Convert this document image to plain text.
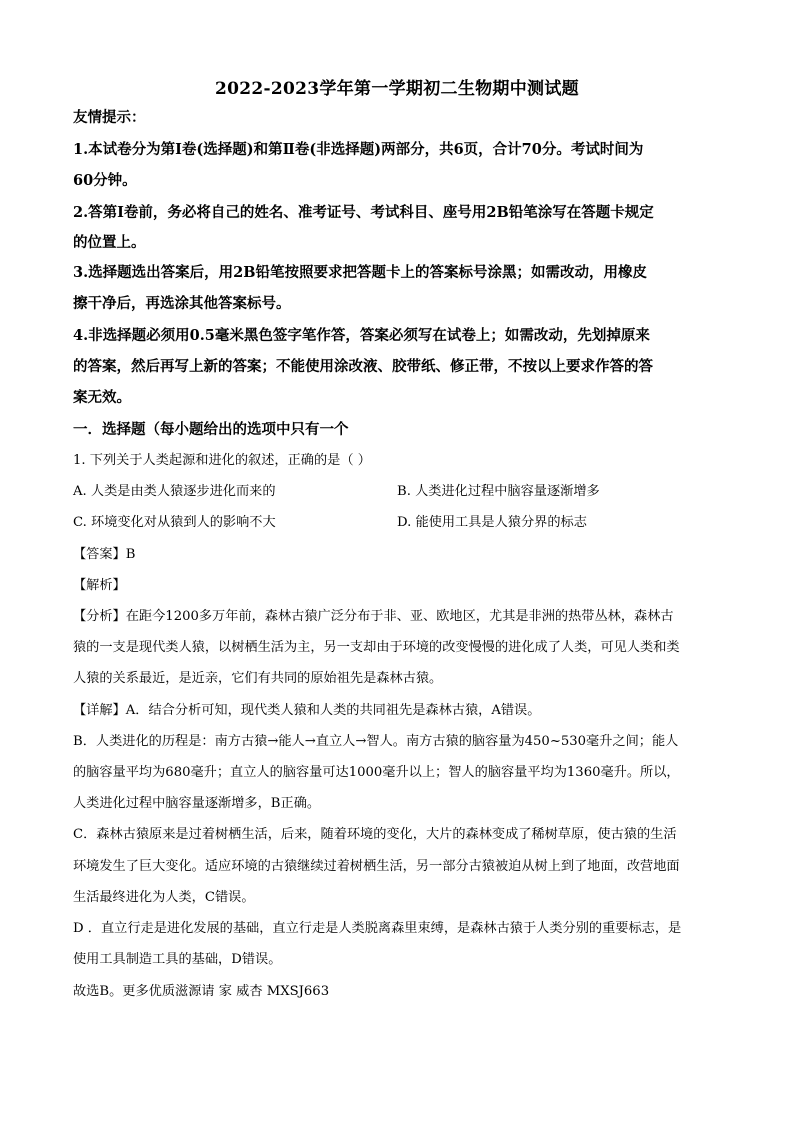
2022-2023学年第一学期初二生物期中测试题
友情提示：
1.本试卷分为第Ⅰ卷(选择题)和第Ⅱ卷(非选择题)两部分，共6页，合计70分。考试时间为
60分钟。
2.答第Ⅰ卷前，务必将自己的姓名、准考证号、考试科目、座号用2B铅笔涂写在答题卡规定
的位置上。
3.选择题选出答案后，用2B铅笔按照要求把答题卡上的答案标号涂黑；如需改动，用橡皮
擦干净后，再选涂其他答案标号。
4.非选择题必须用0.5毫米黑色签字笔作答，答案必须写在试卷上；如需改动，先划掉原来
的答案，然后再写上新的答案；不能使用涂改液、胶带纸、修正带，不按以上要求作答的答
案无效。
一．选择题（每小题给出的选项中只有一个
1. 下列关于人类起源和进化的叙述，正确的是（ ）
A. 人类是由类人猿逐步进化而来的	B. 人类进化过程中脑容量逐渐增多
C. 环境变化对从猿到人的影响不大	D. 能使用工具是人猿分界的标志
【答案】B
【解析】
【分析】在距今1200多万年前，森林古猿广泛分布于非、亚、欧地区，尤其是非洲的热带丛林，森林古
猿的一支是现代类人猿，以树栖生活为主，另一支却由于环境的改变慢慢的进化成了人类，可见人类和类
人猿的关系最近，是近亲，它们有共同的原始祖先是森林古猿。
【详解】A．结合分析可知，现代类人猿和人类的共同祖先是森林古猿，A错误。
B．人类进化的历程是：南方古猿→能人→直立人→智人。南方古猿的脑容量为450~530毫升之间；能人
的脑容量平均为680毫升；直立人的脑容量可达1000毫升以上；智人的脑容量平均为1360毫升。所以，
人类进化过程中脑容量逐渐增多，B正确。
C．森林古猿原来是过着树栖生活，后来，随着环境的变化，大片的森林变成了稀树草原，使古猿的生活
环境发生了巨大变化。适应环境的古猿继续过着树栖生活，另一部分古猿被迫从树上到了地面，改营地面
生活最终进化为人类，C错误。
D ．直立行走是进化发展的基础，直立行走是人类脱离森里束缚，是森林古猿于人类分别的重要标志，是
使用工具制造工具的基础，D错误。
故选B。更多优质滋源请 家 威杏 MXSJ663
